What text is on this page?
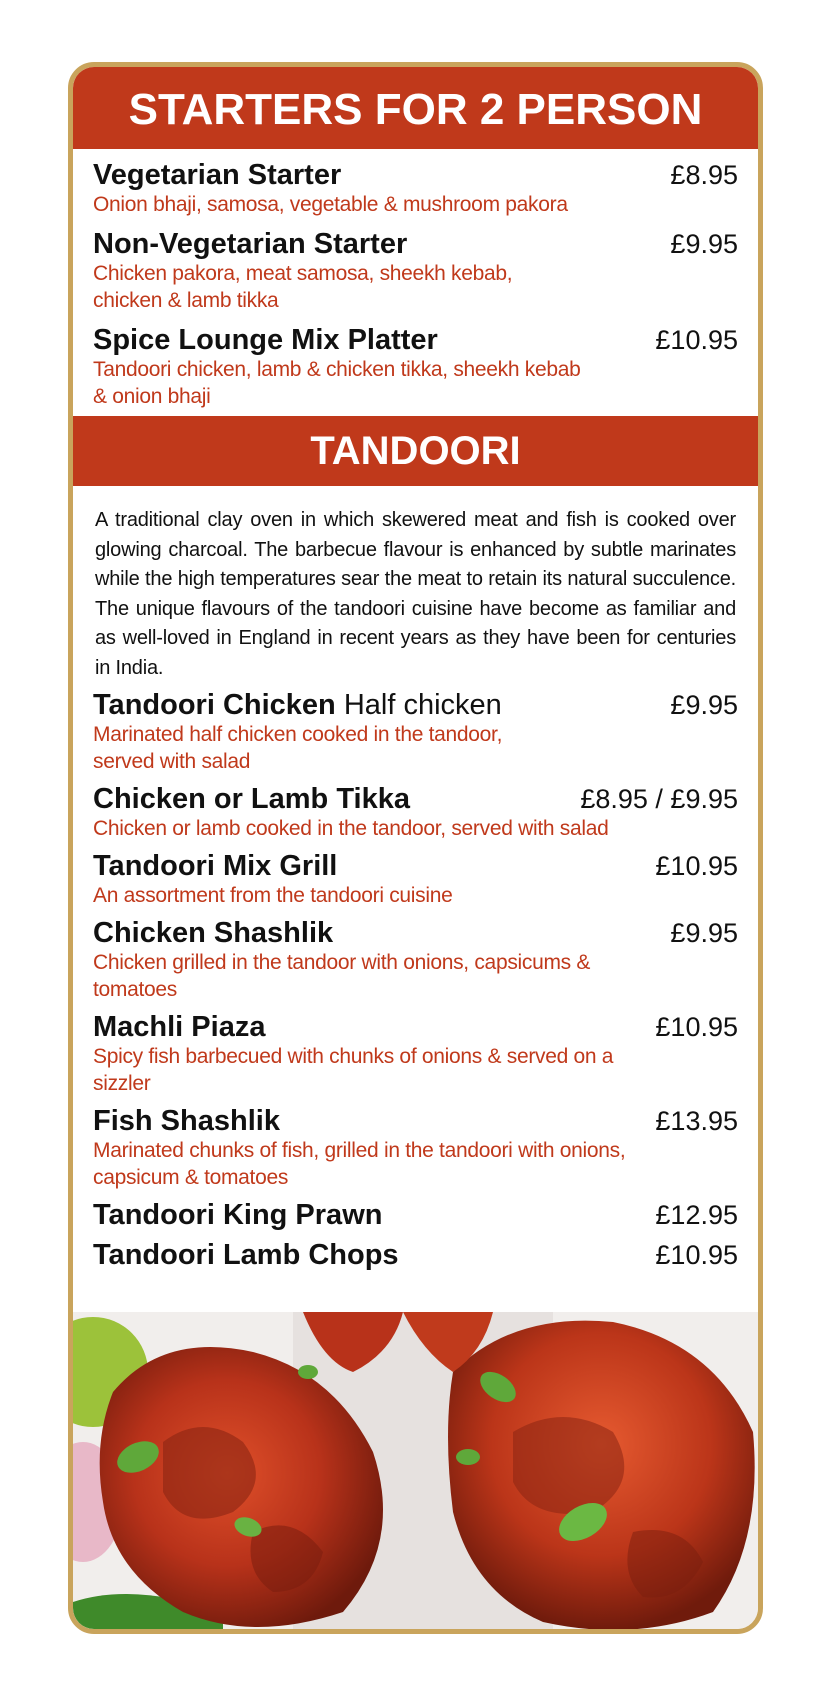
STARTERS FOR 2 PERSON
Vegetarian Starter	£8.95
Onion bhaji, samosa, vegetable & mushroom pakora
Non-Vegetarian Starter	£9.95
Chicken pakora, meat samosa, sheekh kebab, chicken & lamb tikka
Spice Lounge Mix Platter	£10.95
Tandoori chicken, lamb & chicken tikka, sheekh kebab & onion bhaji
TANDOORI
A traditional clay oven in which skewered meat and fish is cooked over glowing charcoal. The barbecue flavour is enhanced by subtle marinates while the high temperatures sear the meat to retain its natural succulence. The unique flavours of the tandoori cuisine have become as familiar and as well-loved in England in recent years as they have been for centuries in India.
Tandoori Chicken Half chicken	£9.95
Marinated half chicken cooked in the tandoor, served with salad
Chicken or Lamb Tikka	£8.95 / £9.95
Chicken or lamb cooked in the tandoor, served with salad
Tandoori Mix Grill	£10.95
An assortment from the tandoori cuisine
Chicken Shashlik	£9.95
Chicken grilled in the tandoor with onions, capsicums & tomatoes
Machli Piaza	£10.95
Spicy fish barbecued with chunks of onions & served on a sizzler
Fish Shashlik	£13.95
Marinated chunks of fish, grilled in the tandoori with onions, capsicum & tomatoes
Tandoori King Prawn	£12.95
Tandoori Lamb Chops	£10.95
